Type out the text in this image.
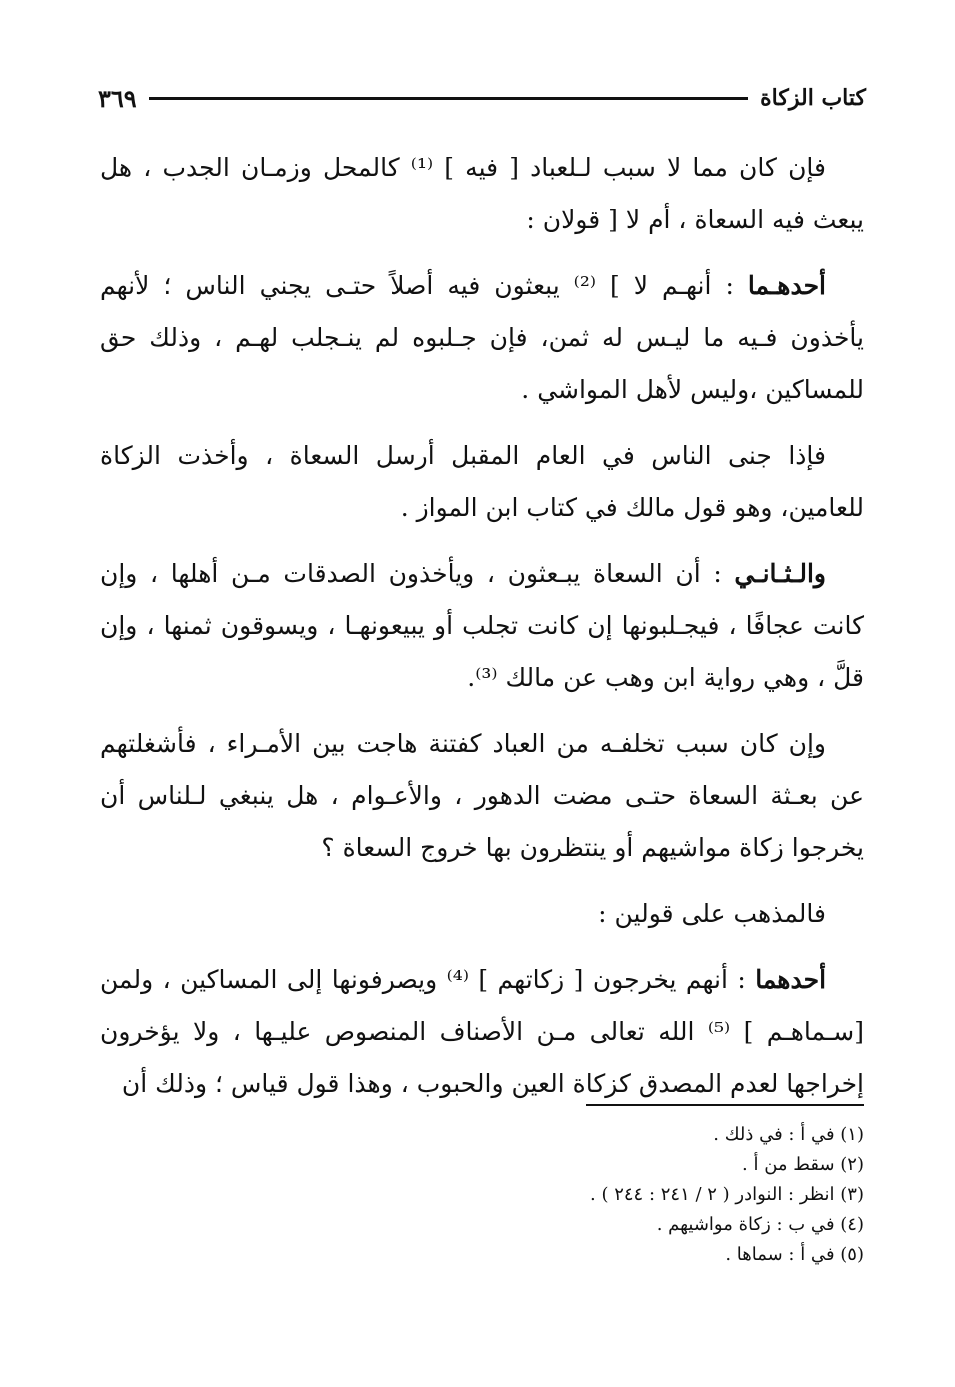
كتاب الزكاة
٣٦٩

فإن كان مما لا سبب لـلعباد [ فيه ] ⁽¹⁾ كالمحل وزمـان الجدب ، هل يبعث فيه السعاة ، أم لا [ قولان :

أحدهـما : أنهـم لا ] ⁽²⁾ يبعثون فيه أصلاً حتـى يجني الناس ؛ لأنهم يأخذون فـيه ما ليـس له ثمن، فإن جـلبوه لم ينـجلب لهـم ، وذلك حق للمساكين ،وليس لأهل المواشي .

فإذا جنى الناس في العام المقبل أرسل السعاة ، وأخذت الزكاة للعامين، وهو قول مالك في كتاب ابن المواز .

والـثـانـي : أن السعاة يبـعثون ، ويأخذون الصدقات مـن أهلها ، وإن كانت عجافًا ، فيجـلبونها إن كانت تجلب أو يبيعونهـا ، ويسوقون ثمنها ، وإن قلَّ ، وهي رواية ابن وهب عن مالك ⁽³⁾.

وإن كان سبب تخلفـه من العباد كفتنة هاجت بين الأمـراء ، فأشغلتهم عن بعـثة السعاة حتـى مضت الدهور ، والأعـوام ، هل ينبغي لـلناس أن يخرجوا زكاة مواشيهم أو ينتظرون بها خروج السعاة ؟

فالمذهب على قولين :

أحدهما : أنهم يخرجون [ زكاتهم ] ⁽⁴⁾ ويصرفونها إلى المساكين ، ولمن [سـماهـم ] ⁽⁵⁾ الله تعالى مـن الأصناف المنصوص عليـها ، ولا يؤخرون إخراجها لعدم المصدق كزكاة العين والحبوب ، وهذا قول قياس ؛ وذلك أن

(١) في أ : في ذلك .
(٢) سقط من أ .
(٣) انظر : النوادر ( ٢ / ٢٤١ : ٢٤٤ ) .
(٤) في ب : زكاة مواشيهم .
(٥) في أ : سماها .
